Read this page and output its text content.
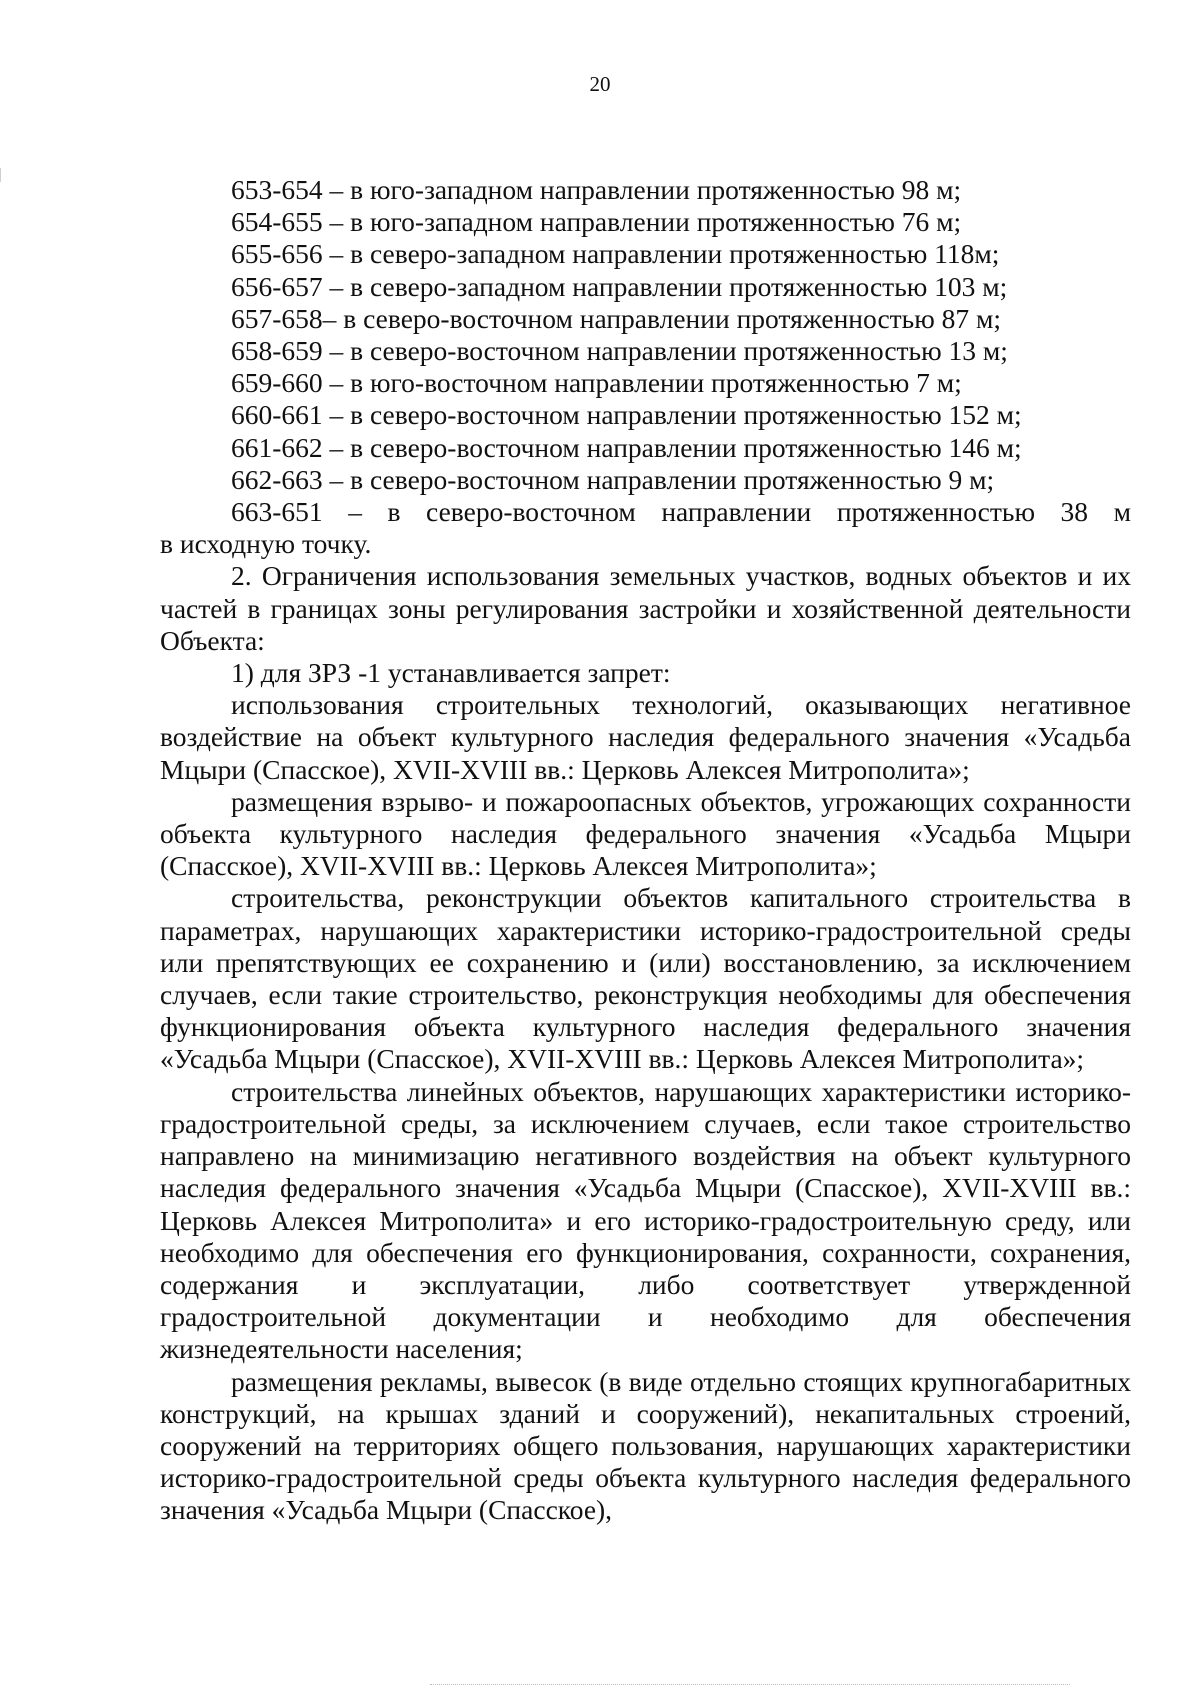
20
653-654 – в юго-западном направлении протяженностью 98 м;
654-655 – в юго-западном направлении протяженностью 76 м;
655-656 – в северо-западном направлении протяженностью 118м;
656-657 – в северо-западном направлении протяженностью 103 м;
657-658– в северо-восточном направлении протяженностью 87 м;
658-659 – в северо-восточном направлении протяженностью 13 м;
659-660 – в юго-восточном направлении протяженностью 7 м;
660-661 – в северо-восточном направлении протяженностью 152 м;
661-662 – в северо-восточном направлении протяженностью 146 м;
662-663 – в северо-восточном направлении протяженностью 9 м;
663-651 – в северо-восточном направлении протяженностью 38 м
в исходную точку.
2. Ограничения использования земельных участков, водных объектов и их частей в границах зоны регулирования застройки и хозяйственной деятельности Объекта:
1) для ЗРЗ -1 устанавливается запрет:
использования строительных технологий, оказывающих негативное воздействие на объект культурного наследия федерального значения «Усадьба Мцыри (Спасское), XVII-XVIII вв.: Церковь Алексея Митрополита»;
размещения взрыво- и пожароопасных объектов, угрожающих сохранности объекта культурного наследия федерального значения «Усадьба Мцыри (Спасское), XVII-XVIII вв.: Церковь Алексея Митрополита»;
строительства, реконструкции объектов капитального строительства в параметрах, нарушающих характеристики историко-градостроительной среды или препятствующих ее сохранению и (или) восстановлению, за исключением случаев, если такие строительство, реконструкция необходимы для обеспечения функционирования объекта культурного наследия федерального значения «Усадьба Мцыри (Спасское), XVII-XVIII вв.: Церковь Алексея Митрополита»;
строительства линейных объектов, нарушающих характеристики историко-градостроительной среды, за исключением случаев, если такое строительство направлено на минимизацию негативного воздействия на объект культурного наследия федерального значения «Усадьба Мцыри (Спасское), XVII-XVIII вв.: Церковь Алексея Митрополита» и его историко-градостроительную среду, или необходимо для обеспечения его функционирования, сохранности, сохранения, содержания и эксплуатации, либо соответствует утвержденной градостроительной документации и необходимо для обеспечения жизнедеятельности населения;
размещения рекламы, вывесок (в виде отдельно стоящих крупногабаритных конструкций, на крышах зданий и сооружений), некапитальных строений, сооружений на территориях общего пользования, нарушающих характеристики историко-градостроительной среды объекта культурного наследия федерального значения «Усадьба Мцыри (Спасское),
